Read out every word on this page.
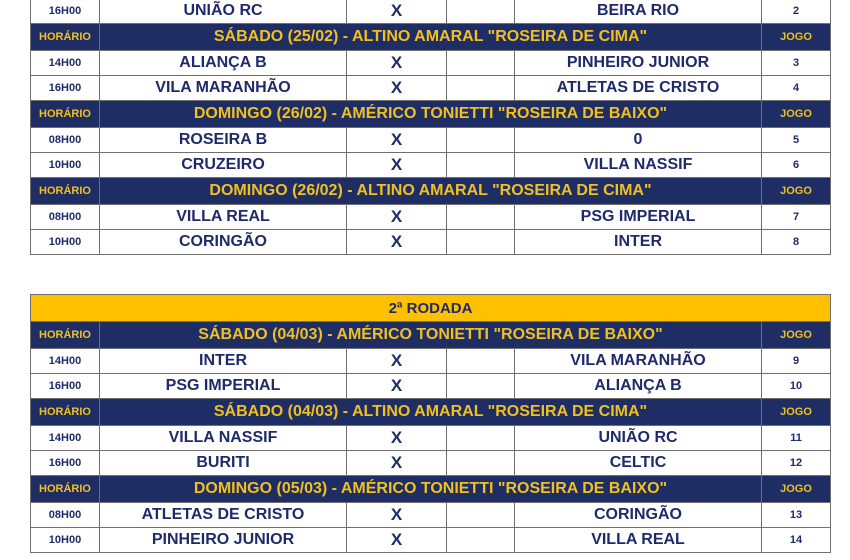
16H00	UNIÃO RC	X		BEIRA RIO	2
HORÁRIO	SÁBADO (25/02) - ALTINO AMARAL "ROSEIRA DE CIMA"				JOGO
14H00	ALIANÇA B	X		PINHEIRO JUNIOR	3
16H00	VILA MARANHÃO	X		ATLETAS DE CRISTO	4
HORÁRIO	DOMINGO (26/02) - AMÉRICO TONIETTI "ROSEIRA DE BAIXO"				JOGO
08H00	ROSEIRA B	X		0	5
10H00	CRUZEIRO	X		VILLA NASSIF	6
HORÁRIO	DOMINGO (26/02) - ALTINO AMARAL "ROSEIRA DE CIMA"				JOGO
08H00	VILLA REAL	X		PSG IMPERIAL	7
10H00	CORINGÃO	X		INTER	8
2ª RODADA					
HORÁRIO	SÁBADO (04/03) - AMÉRICO TONIETTI "ROSEIRA DE BAIXO"				JOGO
14H00	INTER	X		VILA MARANHÃO	9
16H00	PSG IMPERIAL	X		ALIANÇA B	10
HORÁRIO	SÁBADO (04/03) - ALTINO AMARAL "ROSEIRA DE CIMA"				JOGO
14H00	VILLA NASSIF	X		UNIÃO RC	11
16H00	BURITI	X		CELTIC	12
HORÁRIO	DOMINGO (05/03) - AMÉRICO TONIETTI "ROSEIRA DE BAIXO"				JOGO
08H00	ATLETAS DE CRISTO	X		CORINGÃO	13
10H00	PINHEIRO JUNIOR	X		VILLA REAL	14
